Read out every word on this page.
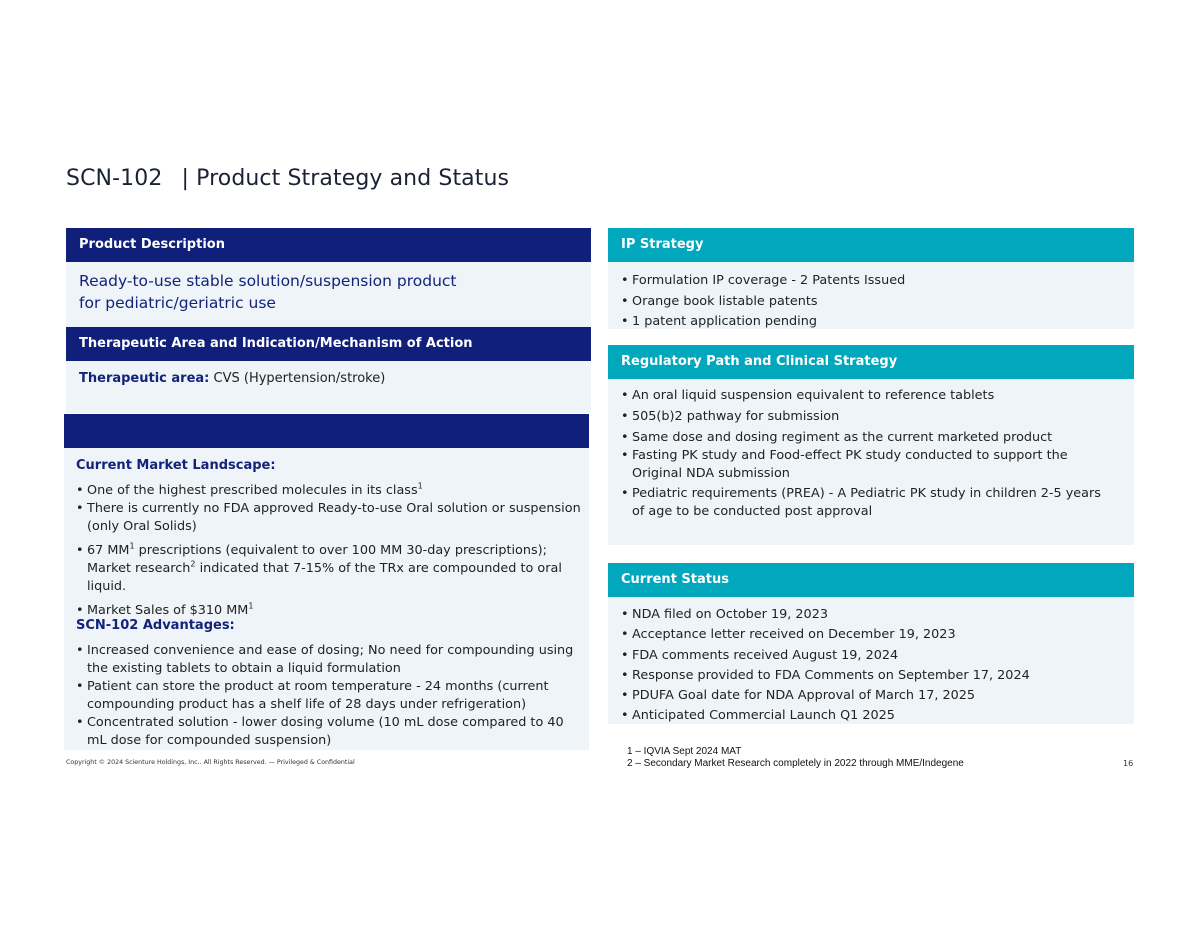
SCN-102 | Product Strategy and Status
Product Description
Ready-to-use stable solution/suspension product
for pediatric/geriatric use
Therapeutic Area and Indication/Mechanism of Action
Therapeutic area: CVS (Hypertension/stroke)
Current Market Landscape:
• One of the highest prescribed molecules in its class$^1$
• There is currently no FDA approved Ready-to-use Oral solution or suspension (only Oral Solids)
• 67 $MM^1$ prescriptions (equivalent to over 100 MM 30-day prescriptions); Market research$^2$ indicated that 7-15% of the TRx are compounded to oral liquid.
• Market Sales of $310 $MM^1$
SCN-102 Advantages:
• Increased convenience and ease of dosing; No need for compounding using the existing tablets to obtain a liquid formulation
• Patient can store the product at room temperature - 24 months (current compounding product has a shelf life of 28 days under refrigeration)
• Concentrated solution - lower dosing volume (10 mL dose compared to 40 mL dose for compounded suspension)
IP Strategy
• Formulation IP coverage - 2 Patents Issued
• Orange book listable patents
• 1 patent application pending
Regulatory Path and Clinical Strategy
• An oral liquid suspension equivalent to reference tablets
• 505(b)2 pathway for submission
• Same dose and dosing regiment as the current marketed product
• Fasting PK study and Food-effect PK study conducted to support the Original NDA submission
• Pediatric requirements (PREA) - A Pediatric PK study in children 2-5 years of age to be conducted post approval
Current Status
• NDA filed on October 19, 2023
• Acceptance letter received on December 19, 2023
• FDA comments received August 19, 2024
• Response provided to FDA Comments on September 17, 2024
• PDUFA Goal date for NDA Approval of March 17, 2025
• Anticipated Commercial Launch Q1 2025
Copyright © 2024 Scienture Holdings, Inc.. All Rights Reserved. — Privileged & Confidential
1 – IQVIA Sept 2024 MAT
2 – Secondary Market Research completely in 2022 through MME/Indegene	16
